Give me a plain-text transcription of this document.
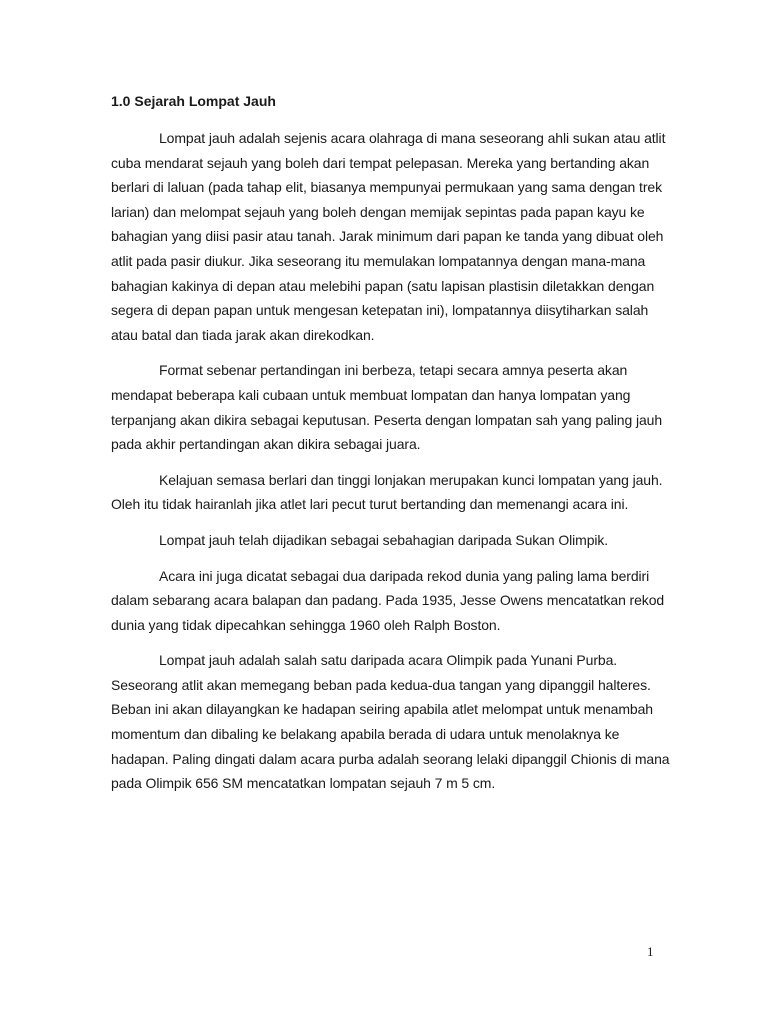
1.0 Sejarah Lompat Jauh

Lompat jauh adalah sejenis acara olahraga di mana seseorang ahli sukan atau atlit cuba mendarat sejauh yang boleh dari tempat pelepasan. Mereka yang bertanding akan berlari di laluan (pada tahap elit, biasanya mempunyai permukaan yang sama dengan trek larian) dan melompat sejauh yang boleh dengan memijak sepintas pada papan kayu ke bahagian yang diisi pasir atau tanah. Jarak minimum dari papan ke tanda yang dibuat oleh atlit pada pasir diukur. Jika seseorang itu memulakan lompatannya dengan mana-mana bahagian kakinya di depan atau melebihi papan (satu lapisan plastisin diletakkan dengan segera di depan papan untuk mengesan ketepatan ini), lompatannya diisytiharkan salah atau batal dan tiada jarak akan direkodkan.

Format sebenar pertandingan ini berbeza, tetapi secara amnya peserta akan mendapat beberapa kali cubaan untuk membuat lompatan dan hanya lompatan yang terpanjang akan dikira sebagai keputusan. Peserta dengan lompatan sah yang paling jauh pada akhir pertandingan akan dikira sebagai juara.

Kelajuan semasa berlari dan tinggi lonjakan merupakan kunci lompatan yang jauh. Oleh itu tidak hairanlah jika atlet lari pecut turut bertanding dan memenangi acara ini.

Lompat jauh telah dijadikan sebagai sebahagian daripada Sukan Olimpik.

Acara ini juga dicatat sebagai dua daripada rekod dunia yang paling lama berdiri dalam sebarang acara balapan dan padang. Pada 1935, Jesse Owens mencatatkan rekod dunia yang tidak dipecahkan sehingga 1960 oleh Ralph Boston.

Lompat jauh adalah salah satu daripada acara Olimpik pada Yunani Purba. Seseorang atlit akan memegang beban pada kedua-dua tangan yang dipanggil halteres. Beban ini akan dilayangkan ke hadapan seiring apabila atlet melompat untuk menambah momentum dan dibaling ke belakang apabila berada di udara untuk menolaknya ke hadapan. Paling dingati dalam acara purba adalah seorang lelaki dipanggil Chionis di mana pada Olimpik 656 SM mencatatkan lompatan sejauh 7 m 5 cm.

1
